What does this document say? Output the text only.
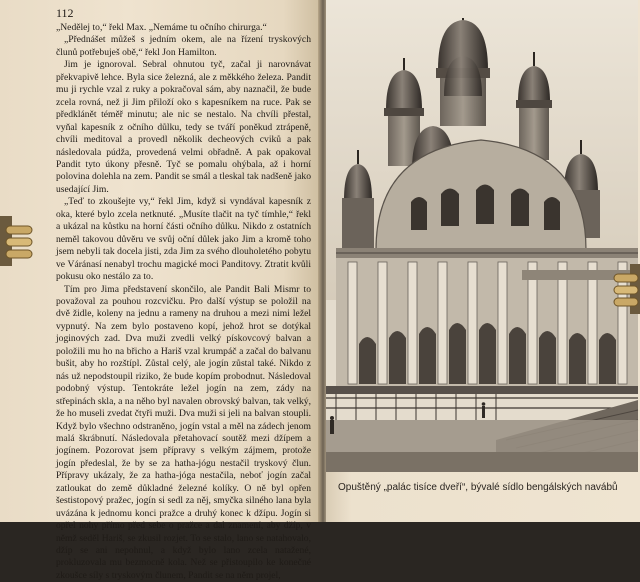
112

„Nedělej to,“ řekl Max. „Nemáme tu očního chirurga.“

„Přednášet můžeš s jedním okem, ale na řízení tryskových člunů potřebuješ obě,“ řekl Jon Hamilton.

Jim je ignoroval. Sebral ohnutou tyč, začal ji narovnávat překvapivě lehce. Byla sice železná, ale z měkkého železa. Pandit mu ji rychle vzal z ruky a pokračoval sám, aby naznačil, že bude zcela rovná, než ji Jim přiloží oko s kapesníkem na ruce. Pak se předklánět téměř minutu; ale nic se nestalo. Na chvíli přestal, vyňal kapesník z očního důlku, tedy se tváří poněkud ztrápeně, chvíli meditoval a provedl několik decheových cviků a pak následovala púdža, provedená velmi obřadně. A pak opakoval Pandit tyto úkony přesně. Tyč se pomalu ohýbala, až i horní polovina dolehla na zem. Pandit se smál a tleskal tak nadšeně jako usedající Jim.

„Teď to zkoušejte vy,“ řekl Jim, když si vyndával kapesník z oka, které bylo zcela netknuté. „Musíte tlačit na tyč tímhle,“ řekl a ukázal na kůstku na horní části očního důlku. Nikdo z ostatních neměl takovou důvěru ve svůj oční důlek jako Jim a kromě toho jsem nebyli tak docela jisti, zda Jim za svého dlouholetého pobytu ve Váránasí nenabyl trochu magické moci Panditovy. Ztratit kvůli pokusu oko nestálo za to.

Tím pro Jima představení skončilo, ale Pandit Bali Mismr to považoval za pouhou rozcvičku. Pro další výstup se položil na dvě židle, koleny na jednu a rameny na druhou a mezi nimi ležel vypnutý. Na zem bylo postaveno kopí, jehož hrot se dotýkal joginových zad. Dva muži zvedli velký pískovcový balvan a položili mu ho na břicho a Hariš vzal krumpáč a začal do balvanu bušit, aby ho rozštípl. Zůstal celý, ale jogín zůstal také. Nikdo z nás už nepodstoupil riziko, že bude kopím probodnut. Následoval podobný výstup. Tentokráte ležel jogín na zem, zády na střepinách skla, a na něho byl navalen obrovský balvan, tak velký, že ho museli zvedat čtyři muži. Dva muži si jeli na balvan stoupli. Když bylo všechno odstraněno, jogín vstal a měl na zádech jenom malá škrábnutí. Následovala přetahovací soutěž mezi džípem a jogínem. Pozorovat jsem přípravy s velkým zájmem, protože jogín předeslal, že by se za hatha-jógu nestačil tryskový člun. Přípravy ukázaly, že za hatha-jóga nestačila, neboť jogín začal zatloukat do země důkladné železné kolíky. O ně byl opřen šestistopový pražec, jogín si sedl za něj, smyčka silného lana byla uvázána k jednomu konci pražce a druhý konec k džípu. Jogín si opřel nohy přímo před sebe o pražce a dal znamení, aby džíp, v němž seděl Hariš, se zkusil rozjet. To se stalo, lano se natahovalo, džíp se ani nepohnul, a když bylo lano zcela natažené, prokluzovala mu bezmocně kola. Než se přistoupilo ke konečné zkoušce síly s tryskovým člunem, Pandit se na něm projel,

Opuštěný „palác tisíce dveří“, bývalé sídlo bengálských navábů
